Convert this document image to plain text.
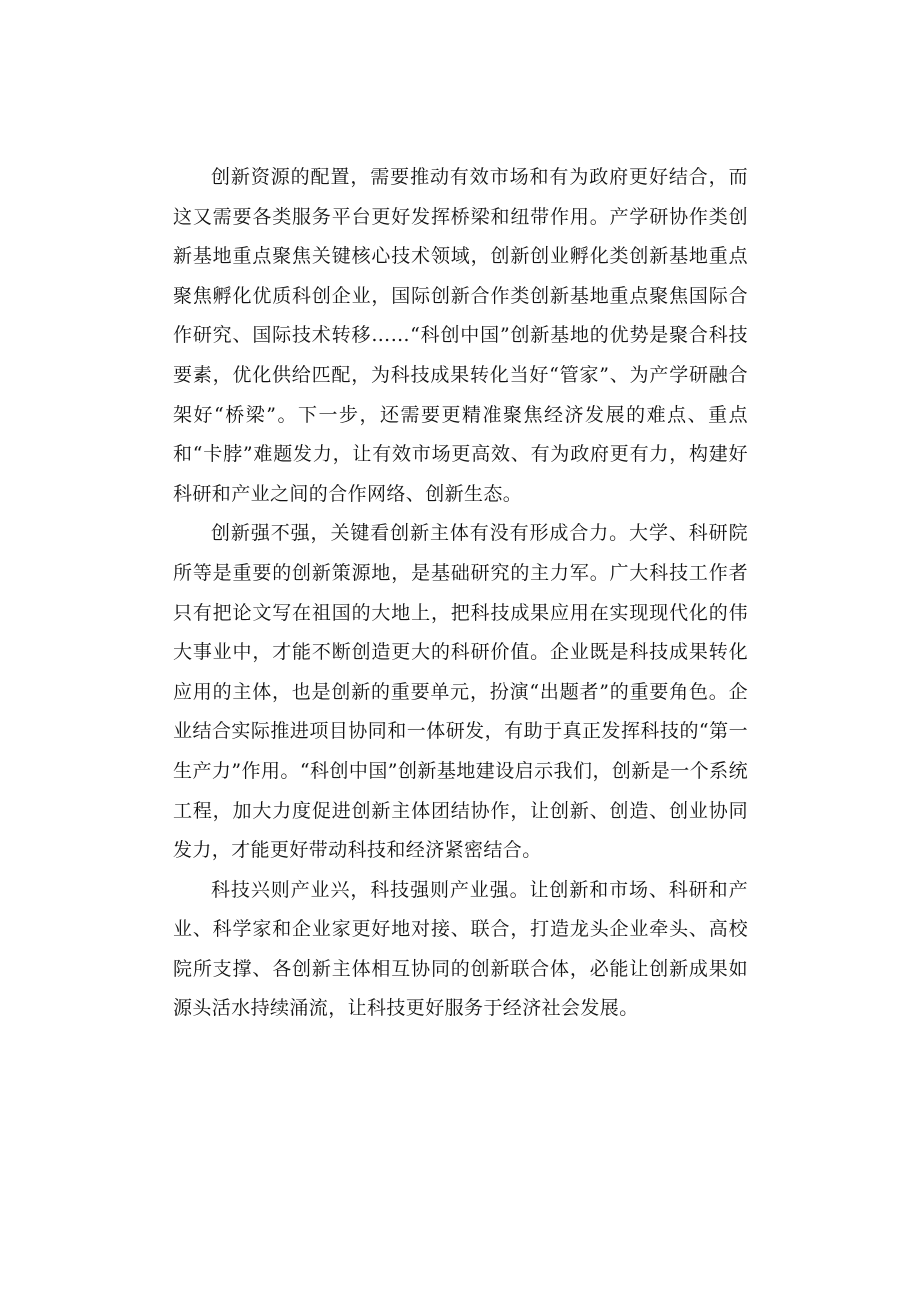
创新资源的配置，需要推动有效市场和有为政府更好结合，而这又需要各类服务平台更好发挥桥梁和纽带作用。产学研协作类创新基地重点聚焦关键核心技术领域，创新创业孵化类创新基地重点聚焦孵化优质科创企业，国际创新合作类创新基地重点聚焦国际合作研究、国际技术转移……“科创中国”创新基地的优势是聚合科技要素，优化供给匹配，为科技成果转化当好“管家”、为产学研融合架好“桥梁”。下一步，还需要更精准聚焦经济发展的难点、重点和“卡脖”难题发力，让有效市场更高效、有为政府更有力，构建好科研和产业之间的合作网络、创新生态。

创新强不强，关键看创新主体有没有形成合力。大学、科研院所等是重要的创新策源地，是基础研究的主力军。广大科技工作者只有把论文写在祖国的大地上，把科技成果应用在实现现代化的伟大事业中，才能不断创造更大的科研价值。企业既是科技成果转化应用的主体，也是创新的重要单元，扮演“出题者”的重要角色。企业结合实际推进项目协同和一体研发，有助于真正发挥科技的“第一生产力”作用。“科创中国”创新基地建设启示我们，创新是一个系统工程，加大力度促进创新主体团结协作，让创新、创造、创业协同发力，才能更好带动科技和经济紧密结合。

科技兴则产业兴，科技强则产业强。让创新和市场、科研和产业、科学家和企业家更好地对接、联合，打造龙头企业牵头、高校院所支撑、各创新主体相互协同的创新联合体，必能让创新成果如源头活水持续涌流，让科技更好服务于经济社会发展。
